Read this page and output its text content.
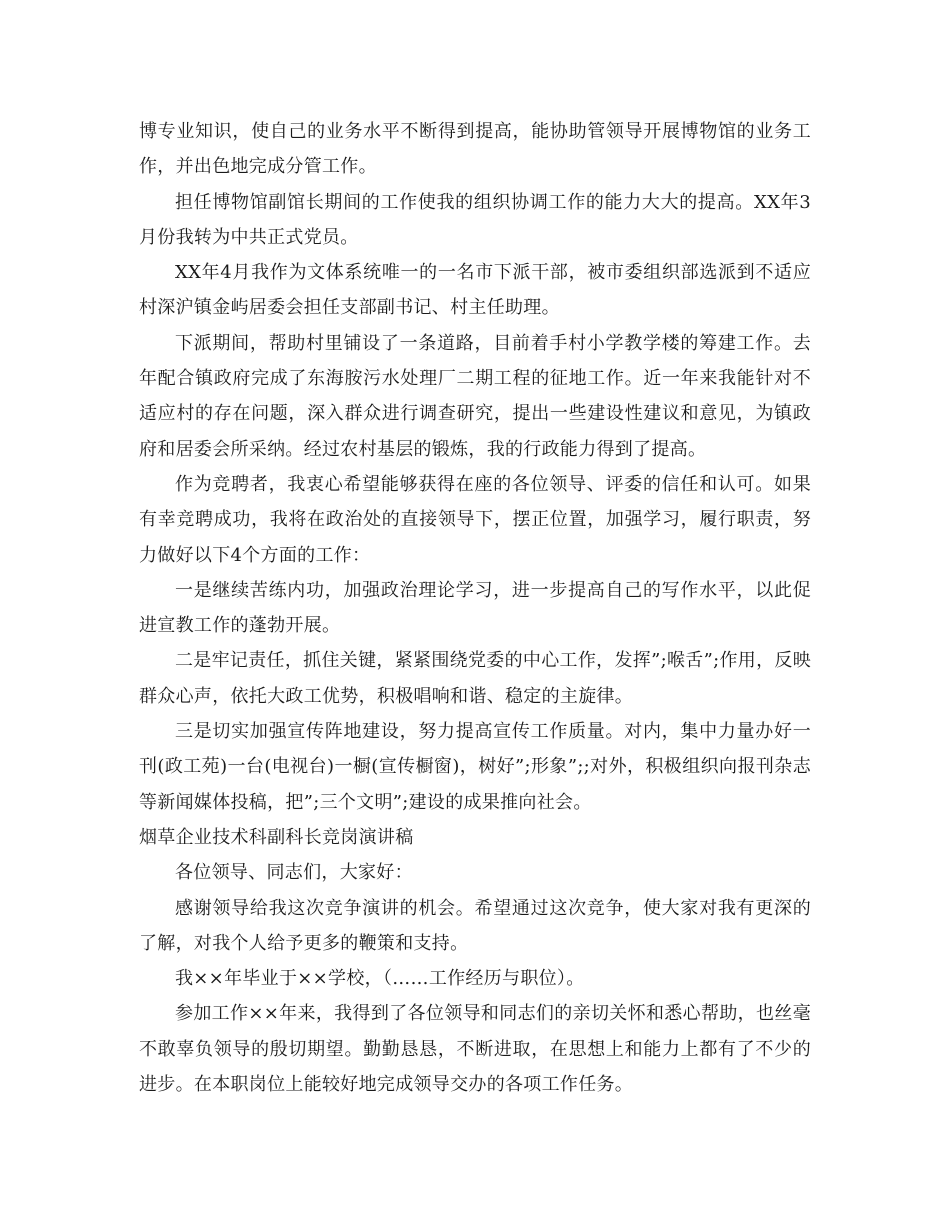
博专业知识，使自己的业务水平不断得到提高，能协助管领导开展博物馆的业务工作，并出色地完成分管工作。

担任博物馆副馆长期间的工作使我的组织协调工作的能力大大的提高。XX年3月份我转为中共正式党员。

XX年4月我作为文体系统唯一的一名市下派干部，被市委组织部选派到不适应村深沪镇金屿居委会担任支部副书记、村主任助理。

下派期间，帮助村里铺设了一条道路，目前着手村小学教学楼的筹建工作。去年配合镇政府完成了东海胺污水处理厂二期工程的征地工作。近一年来我能针对不适应村的存在问题，深入群众进行调查研究，提出一些建设性建议和意见，为镇政府和居委会所采纳。经过农村基层的锻炼，我的行政能力得到了提高。

作为竞聘者，我衷心希望能够获得在座的各位领导、评委的信任和认可。如果有幸竞聘成功，我将在政治处的直接领导下，摆正位置，加强学习，履行职责，努力做好以下4个方面的工作：

一是继续苦练内功，加强政治理论学习，进一步提高自己的写作水平，以此促进宣教工作的蓬勃开展。

二是牢记责任，抓住关键，紧紧围绕党委的中心工作，发挥”;喉舌”;作用，反映群众心声，依托大政工优势，积极唱响和谐、稳定的主旋律。

三是切实加强宣传阵地建设，努力提高宣传工作质量。对内，集中力量办好一刊(政工苑)一台(电视台)一橱(宣传橱窗)，树好”;形象”;;对外，积极组织向报刊杂志等新闻媒体投稿，把”;三个文明”;建设的成果推向社会。

烟草企业技术科副科长竞岗演讲稿

各位领导、同志们，大家好：

感谢领导给我这次竞争演讲的机会。希望通过这次竞争，使大家对我有更深的了解，对我个人给予更多的鞭策和支持。

我××年毕业于××学校，（……工作经历与职位）。

参加工作××年来，我得到了各位领导和同志们的亲切关怀和悉心帮助，也丝毫不敢辜负领导的殷切期望。勤勤恳恳，不断进取，在思想上和能力上都有了不少的进步。在本职岗位上能较好地完成领导交办的各项工作任务。
